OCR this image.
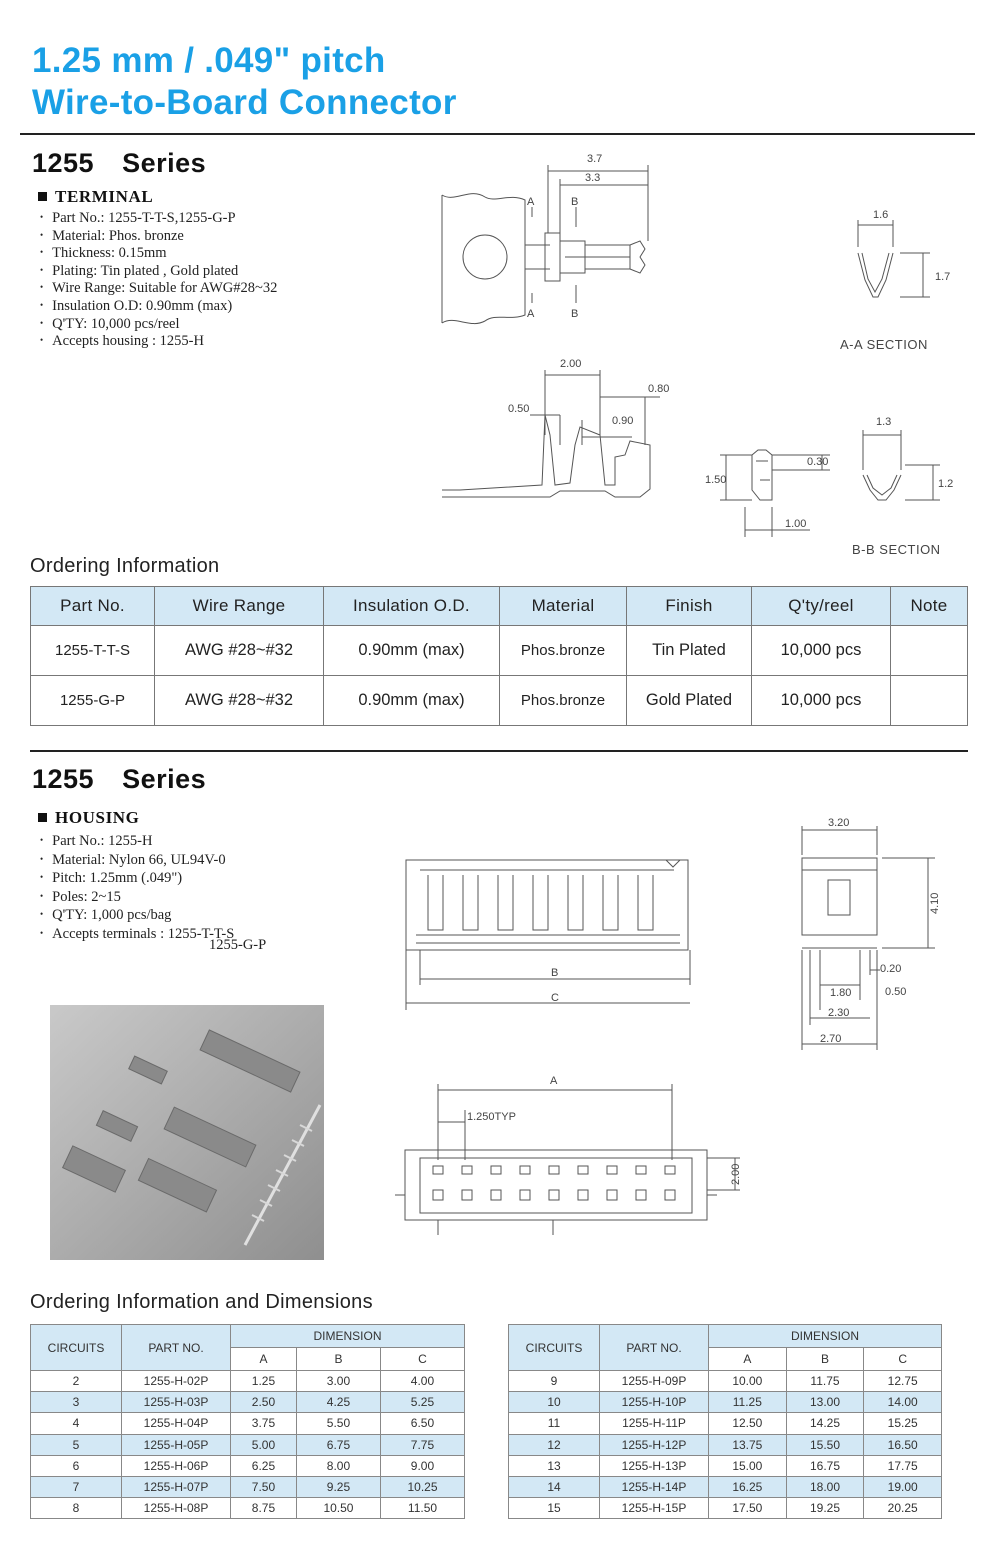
1.25 mm / .049" pitch
Wire-to-Board Connector
1255 Series
TERMINAL
• Part No.: 1255-T-T-S,1255-G-P
• Material: Phos. bronze
• Thickness: 0.15mm
• Plating: Tin plated , Gold plated
• Wire Range: Suitable for AWG#28~32
• Insulation O.D: 0.90mm (max)
• Q'TY: 10,000 pcs/reel
• Accepts housing : 1255-H
3.7
3.3
1.6
1.7
2.00
0.80
0.50
0.90
1.50
0.30
1.00
1.3
1.2
A	B
A	B
A-A SECTION
B-B SECTION
Ordering Information
Part No.	Wire Range	Insulation O.D.	Material	Finish	Q'ty/reel	Note
1255-T-T-S	AWG #28~#32	0.90mm (max)	Phos.bronze	Tin Plated	10,000 pcs	
1255-G-P	AWG #28~#32	0.90mm (max)	Phos.bronze	Gold Plated	10,000 pcs	
1255 Series
HOUSING
• Part No.: 1255-H
• Material: Nylon 66, UL94V-0
• Pitch: 1.25mm (.049")
• Poles: 2~15
• Q'TY: 1,000 pcs/bag
• Accepts terminals : 1255-T-T-S
1255-G-P
B
C
3.20
4.10
0.20
1.80	0.50
2.30
2.70
A
1.250TYP
2.00
Ordering Information and Dimensions
CIRCUITS	PART NO.	DIMENSION		
		A	B	C
2	1255-H-02P	1.25	3.00	4.00
3	1255-H-03P	2.50	4.25	5.25
4	1255-H-04P	3.75	5.50	6.50
5	1255-H-05P	5.00	6.75	7.75
6	1255-H-06P	6.25	8.00	9.00
7	1255-H-07P	7.50	9.25	10.25
8	1255-H-08P	8.75	10.50	11.50
CIRCUITS	PART NO.	DIMENSION		
		A	B	C
9	1255-H-09P	10.00	11.75	12.75
10	1255-H-10P	11.25	13.00	14.00
11	1255-H-11P	12.50	14.25	15.25
12	1255-H-12P	13.75	15.50	16.50
13	1255-H-13P	15.00	16.75	17.75
14	1255-H-14P	16.25	18.00	19.00
15	1255-H-15P	17.50	19.25	20.25
